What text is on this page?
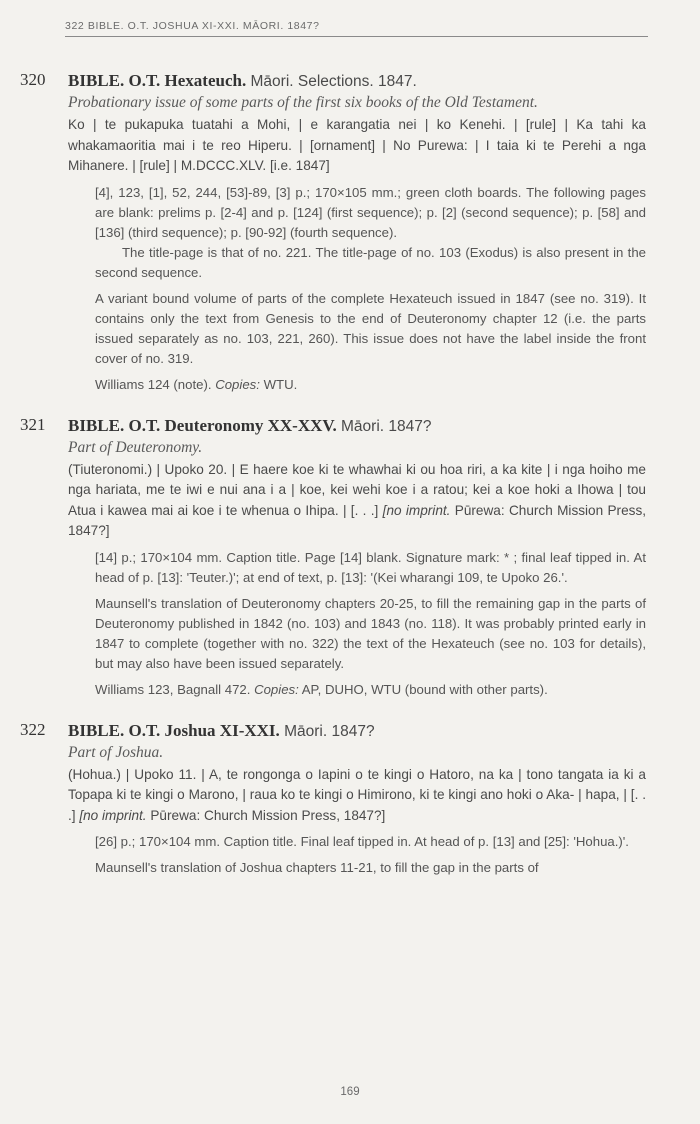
322 BIBLE. O.T. JOSHUA XI-XXI. MĀORI. 1847?
320 BIBLE. O.T. Hexateuch. Māori. Selections. 1847.
Probationary issue of some parts of the first six books of the Old Testament.
Ko | te pukapuka tuatahi a Mohi, | e karangatia nei | ko Kenehi. | [rule] | Ka tahi ka whakamaoritia mai i te reo Hiperu. | [ornament] | No Purewa: | I taia ki te Perehi a nga Mihanere. | [rule] | M.DCCC.XLV. [i.e. 1847]
[4], 123, [1], 52, 244, [53]-89, [3] p.; 170×105 mm.; green cloth boards. The following pages are blank: prelims p. [2-4] and p. [124] (first sequence); p. [2] (second sequence); p. [58] and [136] (third sequence); p. [90-92] (fourth sequence).
The title-page is that of no. 221. The title-page of no. 103 (Exodus) is also present in the second sequence.
A variant bound volume of parts of the complete Hexateuch issued in 1847 (see no. 319). It contains only the text from Genesis to the end of Deuteronomy chapter 12 (i.e. the parts issued separately as no. 103, 221, 260). This issue does not have the label inside the front cover of no. 319.
Williams 124 (note). Copies: WTU.
321 BIBLE. O.T. Deuteronomy XX-XXV. Māori. 1847?
Part of Deuteronomy.
(Tiuteronomi.) | Upoko 20. | E haere koe ki te whawhai ki ou hoa riri, a ka kite | i nga hoiho me nga hariata, me te iwi e nui ana i a | koe, kei wehi koe i a ratou; kei a koe hoki a Ihowa | tou Atua i kawea mai ai koe i te whenua o Ihipa. | [. . .] [no imprint. Pūrewa: Church Mission Press, 1847?]
[14] p.; 170×104 mm. Caption title. Page [14] blank. Signature mark: * ; final leaf tipped in. At head of p. [13]: 'Teuter.)'; at end of text, p. [13]: '(Kei wharangi 109, te Upoko 26.'.
Maunsell's translation of Deuteronomy chapters 20-25, to fill the remaining gap in the parts of Deuteronomy published in 1842 (no. 103) and 1843 (no. 118). It was probably printed early in 1847 to complete (together with no. 322) the text of the Hexateuch (see no. 103 for details), but may also have been issued separately.
Williams 123, Bagnall 472. Copies: AP, DUHO, WTU (bound with other parts).
322 BIBLE. O.T. Joshua XI-XXI. Māori. 1847?
Part of Joshua.
(Hohua.) | Upoko 11. | A, te rongonga o Iapini o te kingi o Hatoro, na ka | tono tangata ia ki a Topapa ki te kingi o Marono, | raua ko te kingi o Himirono, ki te kingi ano hoki o Aka- | hapa, | [. . .] [no imprint. Pūrewa: Church Mission Press, 1847?]
[26] p.; 170×104 mm. Caption title. Final leaf tipped in. At head of p. [13] and [25]: 'Hohua.)'.
Maunsell's translation of Joshua chapters 11-21, to fill the gap in the parts of
169
